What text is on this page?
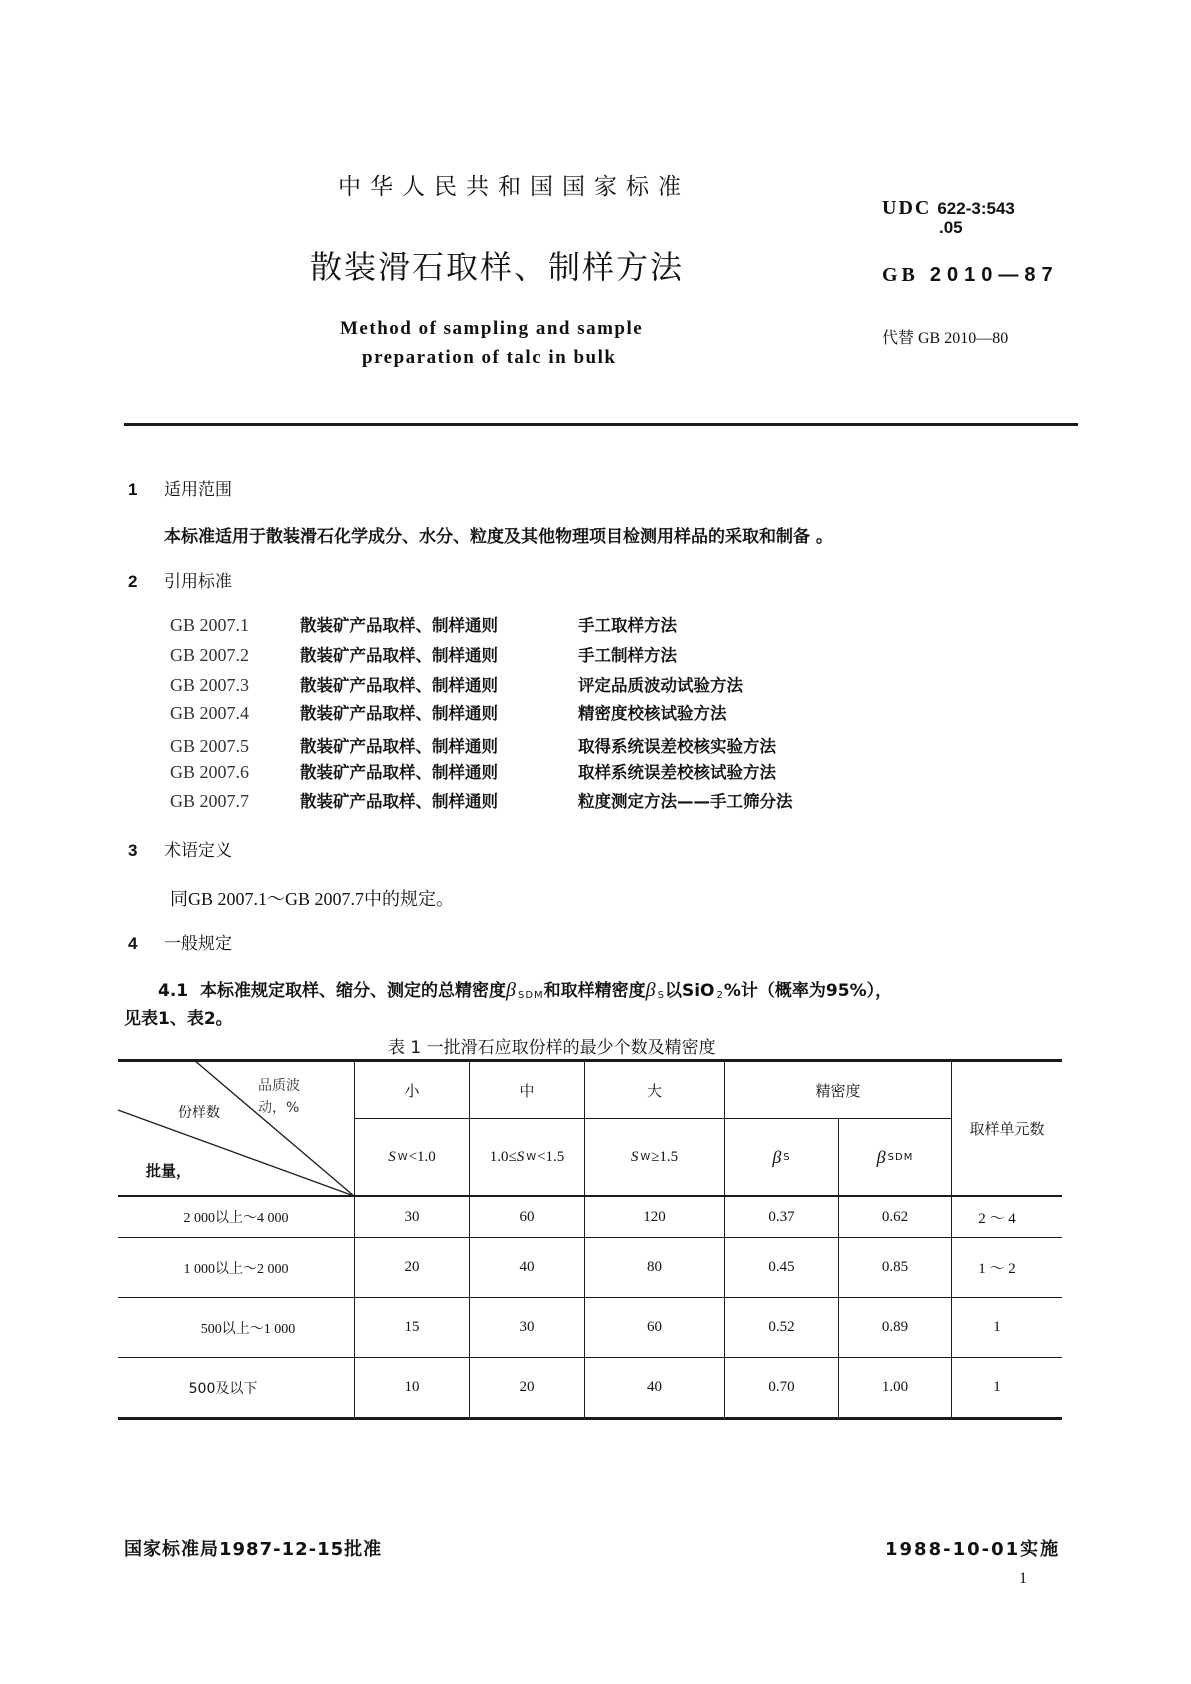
中华人民共和国国家标准
散装滑石取样、制样方法
Method of sampling and sample
preparation of talc in bulk
UDC 622-3:543
.05
GB 2010—87
代替 GB 2010—80
1 适用范围
本标准适用于散装滑石化学成分、水分、粒度及其他物理项目检测用样品的采取和制备 。
2 引用标准
GB 2007.1	散装矿产品取样、制样通则	手工取样方法
GB 2007.2	散装矿产品取样、制样通则	手工制样方法
GB 2007.3	散装矿产品取样、制样通则	评定品质波动试验方法
GB 2007.4	散装矿产品取样、制样通则	精密度校核试验方法
GB 2007.5	散装矿产品取样、制样通则	取得系统误差校核实验方法
GB 2007.6	散装矿产品取样、制样通则	取样系统误差校核试验方法
GB 2007.7	散装矿产品取样、制样通则	粒度测定方法——手工筛分法
3 术语定义
同GB 2007.1～GB 2007.7中的规定。
4 一般规定
4.1 本标准规定取样、缩分、测定的总精密度β $_{SDM}$和取样精密度β $_S$以SiO $_2$%计（概率为95%），
见表1、表2。
表 1 一批滑石应取份样的最少个数及精密度
品质波
动，%
份样数
批量，
小	中	大	精密度
取样单元数
S W <1.0	1.0≤ S W <1.5	S W ≥1.5	β S	β SDM
2 000以上～4 000	30	60	120	0.37	0.62	2 ～ 4
1 000以上～2 000	20	40	80	0.45	0.85	1 ～ 2
500以上～1 000	15	30	60	0.52	0.89	1
500及以下	10	20	40	0.70	1.00	1
国家标准局1987-12-15批准	1988-10-01实施
1
